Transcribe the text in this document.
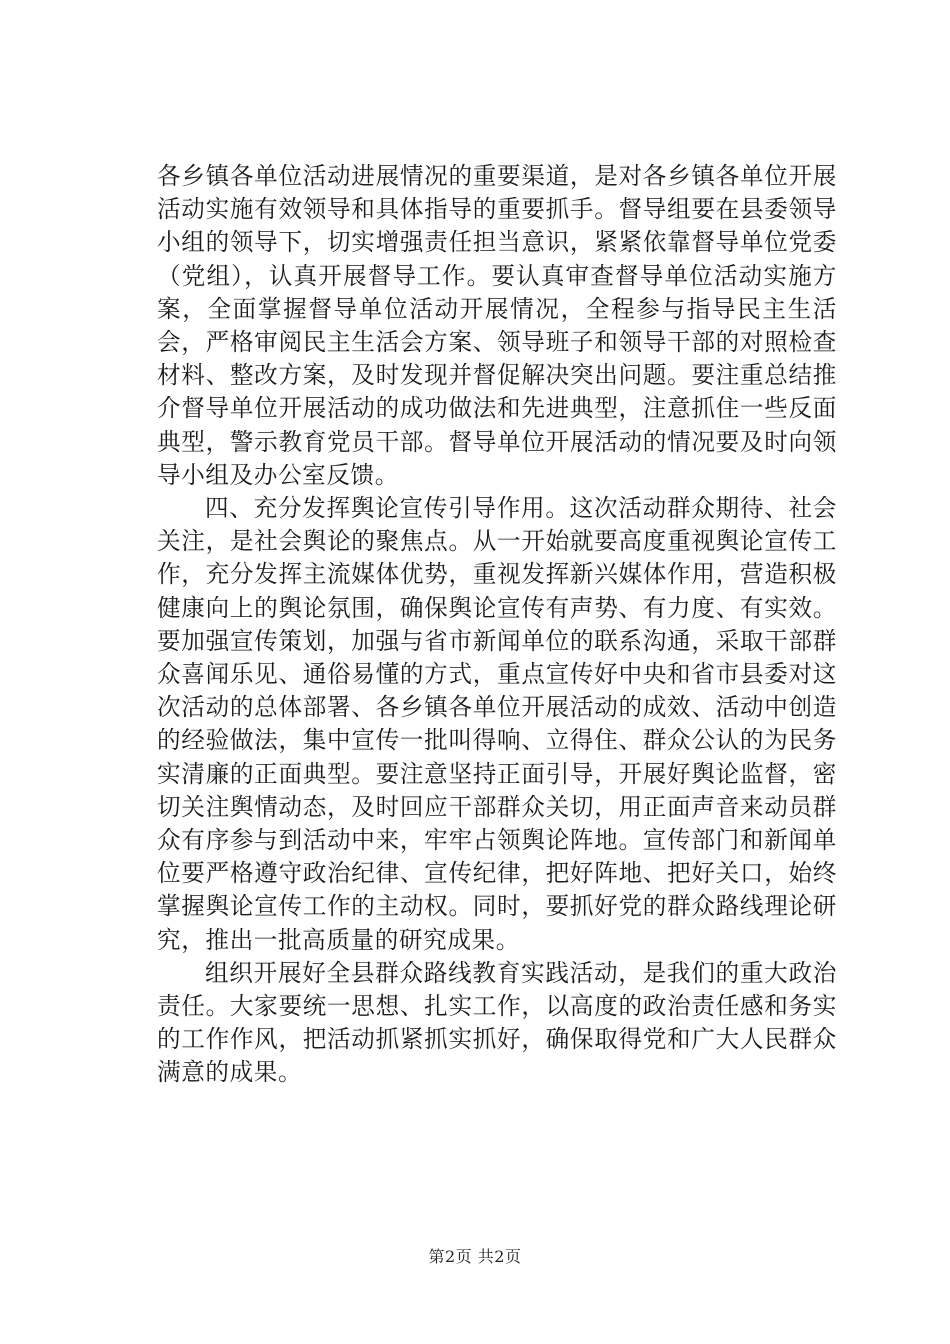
各乡镇各单位活动进展情况的重要渠道，是对各乡镇各单位开展活动实施有效领导和具体指导的重要抓手。督导组要在县委领导小组的领导下，切实增强责任担当意识，紧紧依靠督导单位党委（党组），认真开展督导工作。要认真审查督导单位活动实施方案，全面掌握督导单位活动开展情况，全程参与指导民主生活会，严格审阅民主生活会方案、领导班子和领导干部的对照检查材料、整改方案，及时发现并督促解决突出问题。要注重总结推介督导单位开展活动的成功做法和先进典型，注意抓住一些反面典型，警示教育党员干部。督导单位开展活动的情况要及时向领导小组及办公室反馈。

四、充分发挥舆论宣传引导作用。这次活动群众期待、社会关注，是社会舆论的聚焦点。从一开始就要高度重视舆论宣传工作，充分发挥主流媒体优势，重视发挥新兴媒体作用，营造积极健康向上的舆论氛围，确保舆论宣传有声势、有力度、有实效。要加强宣传策划，加强与省市新闻单位的联系沟通，采取干部群众喜闻乐见、通俗易懂的方式，重点宣传好中央和省市县委对这次活动的总体部署、各乡镇各单位开展活动的成效、活动中创造的经验做法，集中宣传一批叫得响、立得住、群众公认的为民务实清廉的正面典型。要注意坚持正面引导，开展好舆论监督，密切关注舆情动态，及时回应干部群众关切，用正面声音来动员群众有序参与到活动中来，牢牢占领舆论阵地。宣传部门和新闻单位要严格遵守政治纪律、宣传纪律，把好阵地、把好关口，始终掌握舆论宣传工作的主动权。同时，要抓好党的群众路线理论研究，推出一批高质量的研究成果。

组织开展好全县群众路线教育实践活动，是我们的重大政治责任。大家要统一思想、扎实工作，以高度的政治责任感和务实的工作作风，把活动抓紧抓实抓好，确保取得党和广大人民群众满意的成果。

第2页 共2页
